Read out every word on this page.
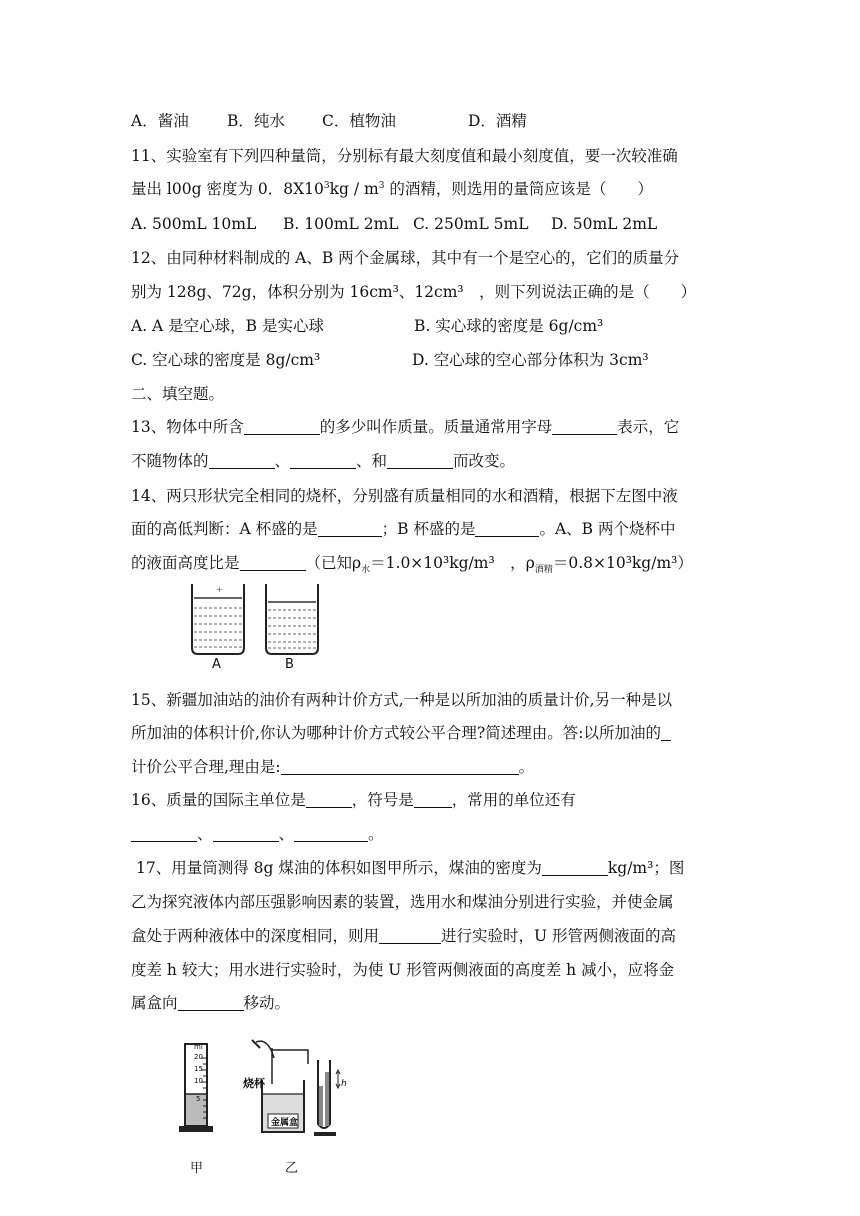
A．酱油 B．纯水 C．植物油	D．酒精
11、实验室有下列四种量筒，分别标有最大刻度值和最小刻度值，要一次较准确
量出 l00g 密度为 0．$8X10^3kg / m^3$ 的酒精，则选用的量筒应该是（　　）
A. 500mL 10mL B. 100mL 2mL C. 250mL 5mL D. 50mL 2mL
12、由同种材料制成的 A、B 两个金属球，其中有一个是空心的，它们的质量分
别为 128g、72g，体积分别为 16cm³、12cm³　，则下列说法正确的是（　　）
A. A 是空心球，B 是实心球	B. 实心球的密度是 6g/cm³
C. 空心球的密度是 8g/cm³	D. 空心球的空心部分体积为 3cm³
二、填空题。
13、物体中所含	的多少叫作质量。质量通常用字母	表示，它
不随物体的	、	、和	而改变。
14、两只形状完全相同的烧杯，分别盛有质量相同的水和酒精，根据下左图中液
面的高低判断：A 杯盛的是	；B 杯盛的是	。A、B 两个烧杯中
的液面高度比是	（已知$\rho_水=1.0\times 10^3kg/m^3$　，$\rho_{酒精}=0.8\times 10^3kg/m^3$）
+
A	B
15、新疆加油站的油价有两种计价方式,一种是以所加油的质量计价,另一种是以
所加油的体积计价,你认为哪种计价方式较公平合理?简述理由。答:以所加油的
计价公平合理,理由是:	。
16、质量的国际主单位是	，符号是 ，常用的单位还有
、	、	。
17、用量筒测得 8g 煤油的体积如图甲所示，煤油的密度为	kg/m³；图
乙为探究液体内部压强影响因素的装置，选用水和煤油分别进行实验，并使金属
盒处于两种液体中的深度相同，则用	进行实验时，U 形管两侧液面的高
度差 h 较大；用水进行实验时，为使 U 形管两侧液面的高度差 h 减小，应将金
属盒向	移动。
ml
20
15
10
5
烧杯
金属盒
h
甲	乙
